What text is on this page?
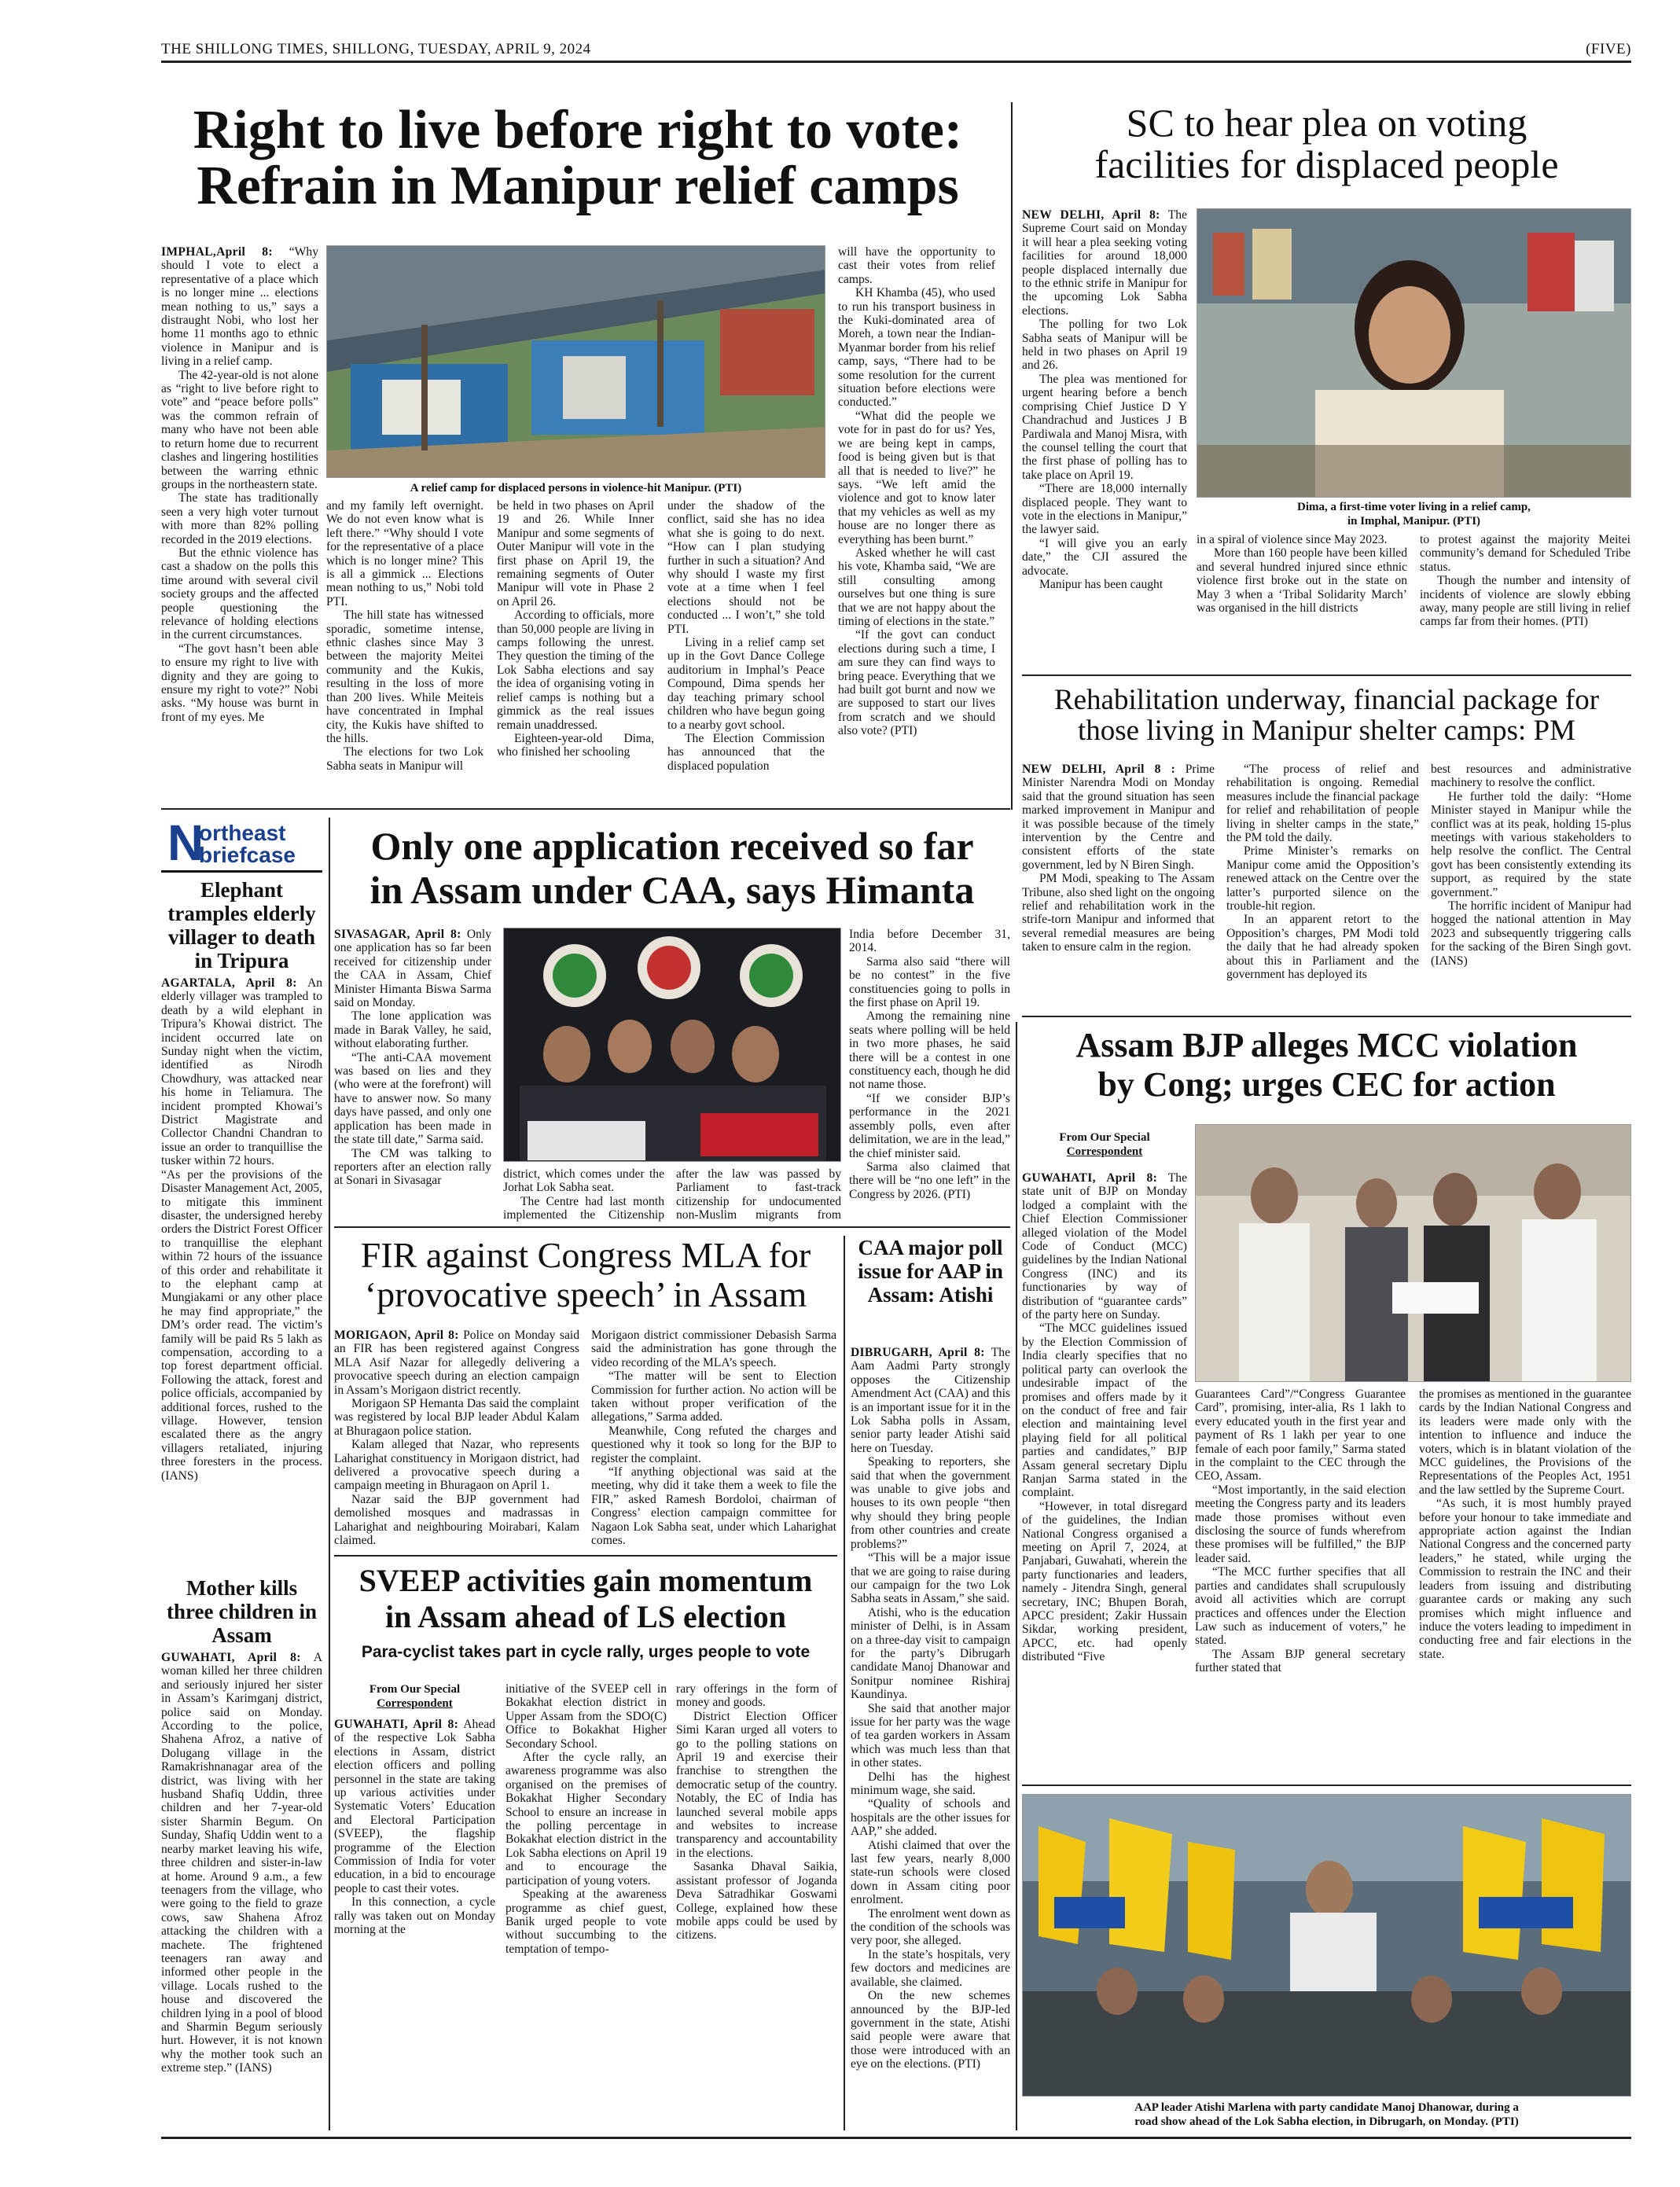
THE SHILLONG TIMES, SHILLONG, TUESDAY, APRIL 9, 2024	(FIVE)
Right to live before right to vote:
Refrain in Manipur relief camps

IMPHAL,April 8: “Why should I vote to elect a representative of a place which is no longer mine ... elections mean nothing to us,” says a distraught Nobi, who lost her home 11 months ago to ethnic violence in Manipur and is living in a relief camp.

The 42-year-old is not alone as “right to live before right to vote” and “peace before polls” was the common refrain of many who have not been able to return home due to recurrent clashes and lingering hostilities between the warring ethnic groups in the northeastern state.

The state has traditionally seen a very high voter turnout with more than 82% polling recorded in the 2019 elections.

But the ethnic violence has cast a shadow on the polls this time around with several civil society groups and the affected people questioning the relevance of holding elections in the current circumstances.

“The govt hasn’t been able to ensure my right to live with dignity and they are going to ensure my right to vote?” Nobi asks. “My house was burnt in front of my eyes. Me

A relief camp for displaced persons in violence-hit Manipur. (PTI)

and my family left overnight. We do not even know what is left there.” “Why should I vote for the representative of a place which is no longer mine? This is all a gimmick ... Elections mean nothing to us,” Nobi told PTI.

The hill state has witnessed sporadic, sometime intense, ethnic clashes since May 3 between the majority Meitei community and the Kukis, resulting in the loss of more than 200 lives. While Meiteis have concentrated in Imphal city, the Kukis have shifted to the hills.

The elections for two Lok Sabha seats in Manipur will

be held in two phases on April 19 and 26. While Inner Manipur and some segments of Outer Manipur will vote in the first phase on April 19, the remaining segments of Outer Manipur will vote in Phase 2 on April 26.

According to officials, more than 50,000 people are living in camps following the unrest. They question the timing of the Lok Sabha elections and say the idea of organising voting in relief camps is nothing but a gimmick as the real issues remain unaddressed.

Eighteen-year-old Dima, who finished her schooling

under the shadow of the conflict, said she has no idea what she is going to do next. “How can I plan studying further in such a situation? And why should I waste my first vote at a time when I feel elections should not be conducted ... I won’t,” she told PTI.

Living in a relief camp set up in the Govt Dance College auditorium in Imphal’s Peace Compound, Dima spends her day teaching primary school children who have begun going to a nearby govt school.

The Election Commission has announced that the displaced population

will have the opportunity to cast their votes from relief camps.

KH Khamba (45), who used to run his transport business in the Kuki-dominated area of Moreh, a town near the Indian-Myanmar border from his relief camp, says, “There had to be some resolution for the current situation before elections were conducted.”

“What did the people we vote for in past do for us? Yes, we are being kept in camps, food is being given but is that all that is needed to live?” he says. “We left amid the violence and got to know later that my vehicles as well as my house are no longer there as everything has been burnt.”

Asked whether he will cast his vote, Khamba said, “We are still consulting among ourselves but one thing is sure that we are not happy about the timing of elections in the state.”

“If the govt can conduct elections during such a time, I am sure they can find ways to bring peace. Everything that we had built got burnt and now we are supposed to start our lives from scratch and we should also vote? (PTI)

SC to hear plea on voting
facilities for displaced people

NEW DELHI, April 8: The Supreme Court said on Monday it will hear a plea seeking voting facilities for around 18,000 people displaced internally due to the ethnic strife in Manipur for the upcoming Lok Sabha elections.

The polling for two Lok Sabha seats of Manipur will be held in two phases on April 19 and 26.

The plea was mentioned for urgent hearing before a bench comprising Chief Justice D Y Chandrachud and Justices J B Pardiwala and Manoj Misra, with the counsel telling the court that the first phase of polling has to take place on April 19.

“There are 18,000 internally displaced people. They want to vote in the elections in Manipur,” the lawyer said.

“I will give you an early date,” the CJI assured the advocate.

Manipur has been caught

Dima, a first-time voter living in a relief camp,
in Imphal, Manipur. (PTI)

in a spiral of violence since May 2023.

More than 160 people have been killed and several hundred injured since ethnic violence first broke out in the state on May 3 when a ‘Tribal Solidarity March’ was organised in the hill districts

to protest against the majority Meitei community’s demand for Scheduled Tribe status.

Though the number and intensity of incidents of violence are slowly ebbing away, many people are still living in relief camps far from their homes. (PTI)

Rehabilitation underway, financial package for
those living in Manipur shelter camps: PM

NEW DELHI, April 8 : Prime Minister Narendra Modi on Monday said that the ground situation has seen marked improvement in Manipur and it was possible because of the timely intervention by the Centre and consistent efforts of the state government, led by N Biren Singh.

PM Modi, speaking to The Assam Tribune, also shed light on the ongoing relief and rehabilitation work in the strife-torn Manipur and informed that several remedial measures are being taken to ensure calm in the region.

“The process of relief and rehabilitation is ongoing. Remedial measures include the financial package for relief and rehabilitation of people living in shelter camps in the state,” the PM told the daily.

Prime Minister’s remarks on Manipur come amid the Opposition’s renewed attack on the Centre over the latter’s purported silence on the trouble-hit region.

In an apparent retort to the Opposition’s charges, PM Modi told the daily that he had already spoken about this in Parliament and the government has deployed its

best resources and administrative machinery to resolve the conflict.

He further told the daily: “Home Minister stayed in Manipur while the conflict was at its peak, holding 15-plus meetings with various stakeholders to help resolve the conflict. The Central govt has been consistently extending its support, as required by the state government.”

The horrific incident of Manipur had hogged the national attention in May 2023 and subsequently triggering calls for the sacking of the Biren Singh govt. (IANS)

N
ortheast
briefcase
Elephant tramples elderly villager to death in Tripura

AGARTALA, April 8: An elderly villager was trampled to death by a wild elephant in Tripura’s Khowai district. The incident occurred late on Sunday night when the victim, identified as Nirodh Chowdhury, was attacked near his home in Teliamura. The incident prompted Khowai’s District Magistrate and Collector Chandni Chandran to issue an order to tranquillise the tusker within 72 hours.

“As per the provisions of the Disaster Management Act, 2005, to mitigate this imminent disaster, the undersigned hereby orders the District Forest Officer to tranquillise the elephant within 72 hours of the issuance of this order and rehabilitate it to the elephant camp at Mungiakami or any other place he may find appropriate,” the DM’s order read. The victim’s family will be paid Rs 5 lakh as compensation, according to a top forest department official. Following the attack, forest and police officials, accompanied by additional forces, rushed to the village. However, tension escalated there as the angry villagers retaliated, injuring three foresters in the process. (IANS)

Mother kills three children in Assam

GUWAHATI, April 8: A woman killed her three children and seriously injured her sister in Assam’s Karimganj district, police said on Monday. According to the police, Shahena Afroz, a native of Dolugang village in the Ramakrishnanagar area of the district, was living with her husband Shafiq Uddin, three children and her 7-year-old sister Sharmin Begum. On Sunday, Shafiq Uddin went to a nearby market leaving his wife, three children and sister-in-law at home. Around 9 a.m., a few teenagers from the village, who were going to the field to graze cows, saw Shahena Afroz attacking the children with a machete. The frightened teenagers ran away and informed other people in the village. Locals rushed to the house and discovered the children lying in a pool of blood and Sharmin Begum seriously hurt. However, it is not known why the mother took such an extreme step.” (IANS)

Only one application received so far
in Assam under CAA, says Himanta

SIVASAGAR, April 8: Only one application has so far been received for citizenship under the CAA in Assam, Chief Minister Himanta Biswa Sarma said on Monday.

The lone application was made in Barak Valley, he said, without elaborating further.

“The anti-CAA movement was based on lies and they (who were at the forefront) will have to answer now. So many days have passed, and only one application has been made in the state till date,” Sarma said.

The CM was talking to reporters after an election rally at Sonari in Sivasagar	district, which comes under the Jorhat Lok Sabha seat.

The Centre had last month implemented the Citizenship

after the law was passed by Parliament to fast-track citizenship for undocumented non-Muslim migrants from

India before December 31, 2014.

Sarma also said “there will be no contest” in the five constituencies going to polls in the first phase on April 19.

Among the remaining nine seats where polling will be held in two more phases, he said there will be a contest in one constituency each, though he did not name those.

“If we consider BJP’s performance in the 2021 assembly polls, even after delimitation, we are in the lead,” the chief minister said.

Sarma also claimed that there will be “no one left” in the Congress by 2026. (PTI)

FIR against Congress MLA for
‘provocative speech’ in Assam

MORIGAON, April 8: Police on Monday said an FIR has been registered against Congress MLA Asif Nazar for allegedly delivering a provocative speech during an election campaign in Assam’s Morigaon district recently.

Morigaon SP Hemanta Das said the complaint was registered by local BJP leader Abdul Kalam at Bhuragaon police station.

Kalam alleged that Nazar, who represents Laharighat constituency in Morigaon district, had delivered a provocative speech during a campaign meeting in Bhuragaon on April 1.

Nazar said the BJP government had demolished mosques and madrassas in Laharighat and neighbouring Moirabari, Kalam claimed.

Morigaon district commissioner Debasish Sarma said the administration has gone through the video recording of the MLA’s speech.

“The matter will be sent to Election Commission for further action. No action will be taken without proper verification of the allegations,” Sarma added.

Meanwhile, Cong refuted the charges and questioned why it took so long for the BJP to register the complaint.

“If anything objectional was said at the meeting, why did it take them a week to file the FIR,” asked Ramesh Bordoloi, chairman of Congress’ election campaign committee for Nagaon Lok Sabha seat, under which Laharighat comes.

CAA major poll issue for AAP in Assam: Atishi

DIBRUGARH, April 8: The Aam Aadmi Party strongly opposes the Citizenship Amendment Act (CAA) and this is an important issue for it in the Lok Sabha polls in Assam, senior party leader Atishi said here on Tuesday.

Speaking to reporters, she said that when the government was unable to give jobs and houses to its own people “then why should they bring people from other countries and create problems?”

“This will be a major issue that we are going to raise during our campaign for the two Lok Sabha seats in Assam,” she said.

Atishi, who is the education minister of Delhi, is in Assam on a three-day visit to campaign for the party’s Dibrugarh candidate Manoj Dhanowar and Sonitpur nominee Rishiraj Kaundinya.

She said that another major issue for her party was the wage of tea garden workers in Assam which was much less than that in other states.

Delhi has the highest minimum wage, she said.

“Quality of schools and hospitals are the other issues for AAP,” she added.

Atishi claimed that over the last few years, nearly 8,000 state-run schools were closed down in Assam citing poor enrolment.

The enrolment went down as the condition of the schools was very poor, she alleged.

In the state’s hospitals, very few doctors and medicines are available, she claimed.

On the new schemes announced by the BJP-led government in the state, Atishi said people were aware that those were introduced with an eye on the elections. (PTI)

Assam BJP alleges MCC violation
by Cong; urges CEC for action
From Our Special
Correspondent

GUWAHATI, April 8: The state unit of BJP on Monday lodged a complaint with the Chief Election Commissioner alleged violation of the Model Code of Conduct (MCC) guidelines by the Indian National Congress (INC) and its functionaries by way of distribution of “guarantee cards” of the party here on Sunday.

“The MCC guidelines issued by the Election Commission of India clearly specifies that no political party can overlook the undesirable impact of the promises and offers made by it on the conduct of free and fair election and maintaining level playing field for all political parties and candidates,” BJP Assam general secretary Diplu Ranjan Sarma stated in the complaint.

“However, in total disregard of the guidelines, the Indian National Congress organised a meeting on April 7, 2024, at Panjabari, Guwahati, wherein the party functionaries and leaders, namely - Jitendra Singh, general secretary, INC; Bhupen Borah, APCC president; Zakir Hussain Sikdar, working president, APCC, etc. had openly distributed “Five

Guarantees Card”/“Congress Guarantee Card”, promising, inter-alia, Rs 1 lakh to every educated youth in the first year and payment of Rs 1 lakh per year to one female of each poor family,” Sarma stated in the complaint to the CEC through the CEO, Assam.

“Most importantly, in the said election meeting the Congress party and its leaders made those promises without even disclosing the source of funds wherefrom these promises will be fulfilled,” the BJP leader said.

“The MCC further specifies that all parties and candidates shall scrupulously avoid all activities which are corrupt practices and offences under the Election Law such as inducement of voters,” he stated.

The Assam BJP general secretary further stated that

the promises as mentioned in the guarantee cards by the Indian National Congress and its leaders were made only with the intention to influence and induce the voters, which is in blatant violation of the MCC guidelines, the Provisions of the Representations of the Peoples Act, 1951 and the law settled by the Supreme Court.

“As such, it is most humbly prayed before your honour to take immediate and appropriate action against the Indian National Congress and the concerned party leaders,” he stated, while urging the Commission to restrain the INC and their leaders from issuing and distributing guarantee cards or making any such promises which might influence and induce the voters leading to impediment in conducting free and fair elections in the state.

AAP leader Atishi Marlena with party candidate Manoj Dhanowar, during a
road show ahead of the Lok Sabha election, in Dibrugarh, on Monday. (PTI)
SVEEP activities gain momentum
in Assam ahead of LS election
Para-cyclist takes part in cycle rally, urges people to vote
From Our Special
Correspondent

GUWAHATI, April 8: Ahead of the respective Lok Sabha elections in Assam, district election officers and polling personnel in the state are taking up various activities under Systematic Voters’ Education and Electoral Participation (SVEEP), the flagship programme of the Election Commission of India for voter education, in a bid to encourage people to cast their votes.

In this connection, a cycle rally was taken out on Monday morning at the

initiative of the SVEEP cell in Bokakhat election district in Upper Assam from the SDO(C) Office to Bokakhat Higher Secondary School.

After the cycle rally, an awareness programme was also organised on the premises of Bokakhat Higher Secondary School to ensure an increase in the polling percentage in Bokakhat election district in the Lok Sabha elections on April 19 and to encourage the participation of young voters.

Speaking at the awareness programme as chief guest, Banik urged people to vote without succumbing to the temptation of tempo-

rary offerings in the form of money and goods.

District Election Officer Simi Karan urged all voters to go to the polling stations on April 19 and exercise their franchise to strengthen the democratic setup of the country. Notably, the EC of India has launched several mobile apps and websites to increase transparency and accountability in the elections.

Sasanka Dhaval Saikia, assistant professor of Joganda Deva Satradhikar Goswami College, explained how these mobile apps could be used by citizens.
